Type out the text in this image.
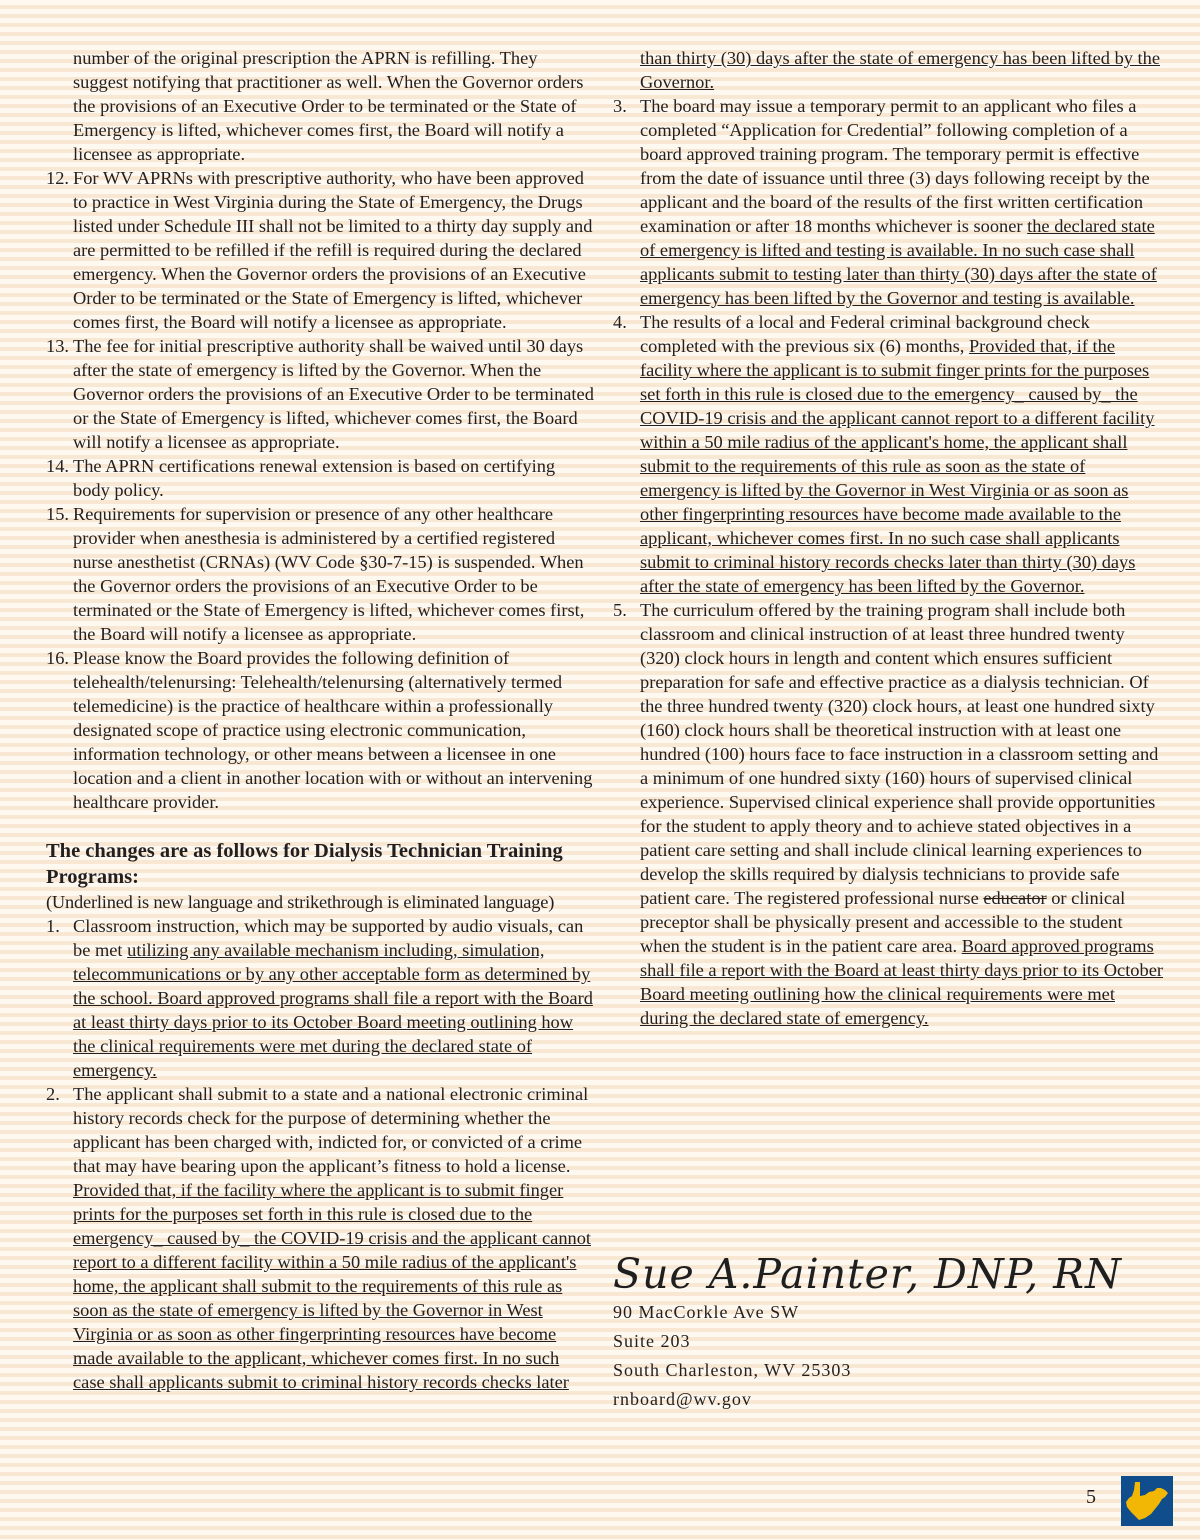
number of the original prescription the APRN is refilling. They suggest notifying that practitioner as well. When the Governor orders the provisions of an Executive Order to be terminated or the State of Emergency is lifted, whichever comes first, the Board will notify a licensee as appropriate.

12. For WV APRNs with prescriptive authority, who have been approved to practice in West Virginia during the State of Emergency, the Drugs listed under Schedule III shall not be limited to a thirty day supply and are permitted to be refilled if the refill is required during the declared emergency. When the Governor orders the provisions of an Executive Order to be terminated or the State of Emergency is lifted, whichever comes first, the Board will notify a licensee as appropriate.
13. The fee for initial prescriptive authority shall be waived until 30 days after the state of emergency is lifted by the Governor. When the Governor orders the provisions of an Executive Order to be terminated or the State of Emergency is lifted, whichever comes first, the Board will notify a licensee as appropriate.
14. The APRN certifications renewal extension is based on certifying body policy.
15. Requirements for supervision or presence of any other healthcare provider when anesthesia is administered by a certified registered nurse anesthetist (CRNAs) (WV Code §30-7-15) is suspended. When the Governor orders the provisions of an Executive Order to be terminated or the State of Emergency is lifted, whichever comes first, the Board will notify a licensee as appropriate.
16. Please know the Board provides the following definition of telehealth/telenursing: Telehealth/telenursing (alternatively termed telemedicine) is the practice of healthcare within a professionally designated scope of practice using electronic communication, information technology, or other means between a licensee in one location and a client in another location with or without an intervening healthcare provider.
The changes are as follows for Dialysis Technician Training Programs:

(Underlined is new language and strikethrough is eliminated language)

1. Classroom instruction, which may be supported by audio visuals, can be met utilizing any available mechanism including, simulation, telecommunications or by any other acceptable form as determined by the school. Board approved programs shall file a report with the Board at least thirty days prior to its October Board meeting outlining how the clinical requirements were met during the declared state of emergency.
2. The applicant shall submit to a state and a national electronic criminal history records check for the purpose of determining whether the applicant has been charged with, indicted for, or convicted of a crime that may have bearing upon the applicant’s fitness to hold a license. Provided that, if the facility where the applicant is to submit finger prints for the purposes set forth in this rule is closed due to the emergency_ caused by_ the COVID-19 crisis and the applicant cannot report to a different facility within a 50 mile radius of the applicant's home, the applicant shall submit to the requirements of this rule as soon as the state of emergency is lifted by the Governor in West Virginia or as soon as other fingerprinting resources have become made available to the applicant, whichever comes first. In no such case shall applicants submit to criminal history records checks later

than thirty (30) days after the state of emergency has been lifted by the Governor.

3. The board may issue a temporary permit to an applicant who files a completed “Application for Credential” following completion of a board approved training program. The temporary permit is effective from the date of issuance until three (3) days following receipt by the applicant and the board of the results of the first written certification examination or after 18 months whichever is sooner the declared state of emergency is lifted and testing is available. In no such case shall applicants submit to testing later than thirty (30) days after the state of emergency has been lifted by the Governor and testing is available.
4. The results of a local and Federal criminal background check completed with the previous six (6) months, Provided that, if the facility where the applicant is to submit finger prints for the purposes set forth in this rule is closed due to the emergency_ caused by_ the COVID-19 crisis and the applicant cannot report to a different facility within a 50 mile radius of the applicant's home, the applicant shall submit to the requirements of this rule as soon as the state of emergency is lifted by the Governor in West Virginia or as soon as other fingerprinting resources have become made available to the applicant, whichever comes first. In no such case shall applicants submit to criminal history records checks later than thirty (30) days after the state of emergency has been lifted by the Governor.
5. The curriculum offered by the training program shall include both classroom and clinical instruction of at least three hundred twenty (320) clock hours in length and content which ensures sufficient preparation for safe and effective practice as a dialysis technician. Of the three hundred twenty (320) clock hours, at least one hundred sixty (160) clock hours shall be theoretical instruction with at least one hundred (100) hours face to face instruction in a classroom setting and a minimum of one hundred sixty (160) hours of supervised clinical experience. Supervised clinical experience shall provide opportunities for the student to apply theory and to achieve stated objectives in a patient care setting and shall include clinical learning experiences to develop the skills required by dialysis technicians to provide safe patient care. The registered professional nurse educator or clinical preceptor shall be physically present and accessible to the student when the student is in the patient care area. Board approved programs shall file a report with the Board at least thirty days prior to its October Board meeting outlining how the clinical requirements were met during the declared state of emergency.
Sue A.Painter, DNP, RN
90 MacCorkle Ave SW
Suite 203
South Charleston, WV 25303
rnboard@wv.gov
5
